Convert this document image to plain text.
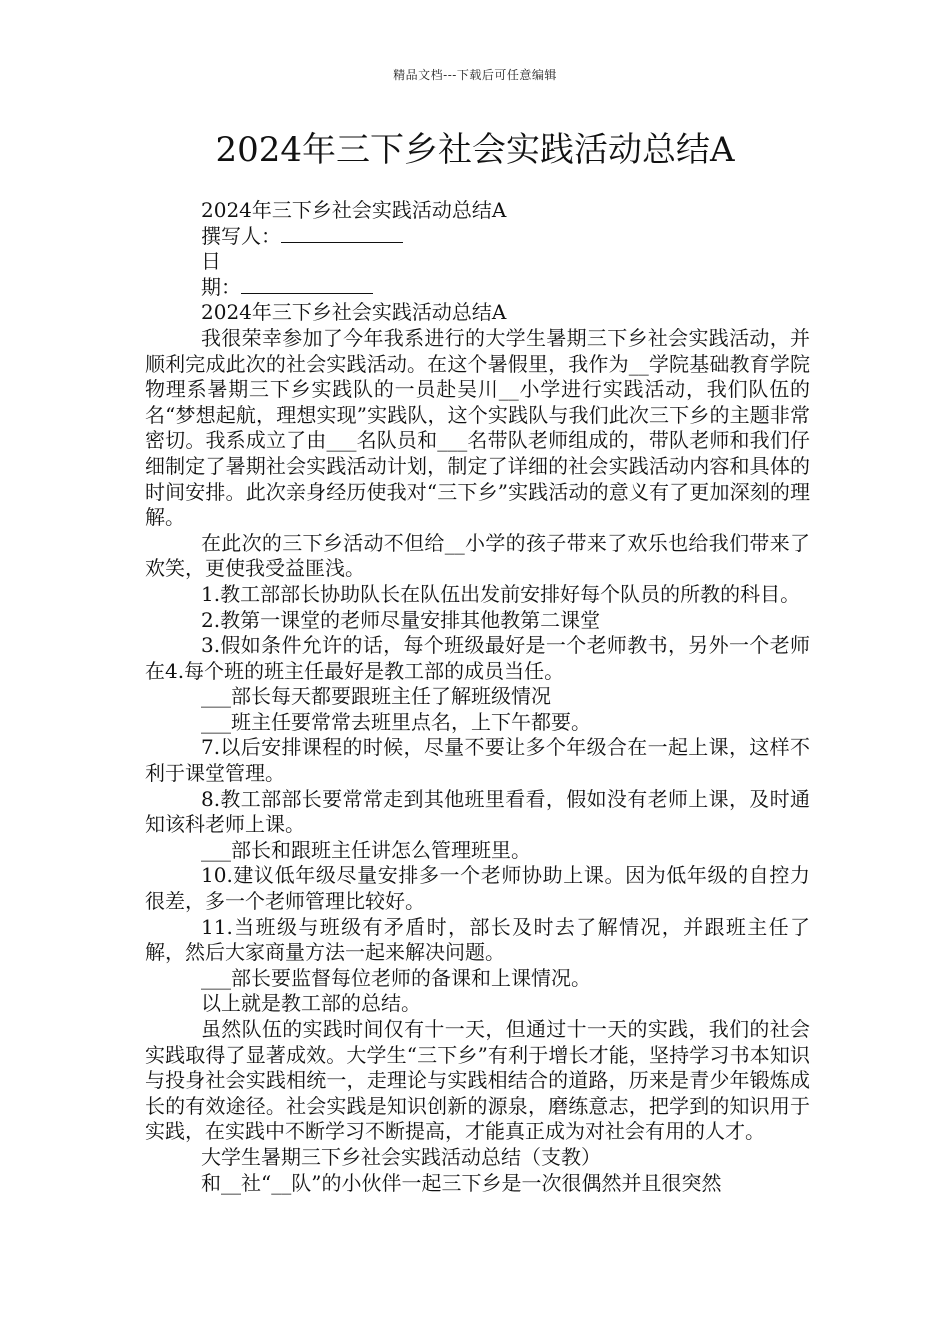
精品文档---下载后可任意编辑
2024年三下乡社会实践活动总结A
2024年三下乡社会实践活动总结A
撰写人：
日
期：
2024年三下乡社会实践活动总结A

我很荣幸参加了今年我系进行的大学生暑期三下乡社会实践活动，并顺利完成此次的社会实践活动。在这个暑假里，我作为__学院基础教育学院物理系暑期三下乡实践队的一员赴吴川__小学进行实践活动，我们队伍的名“梦想起航，理想实现”实践队，这个实践队与我们此次三下乡的主题非常密切。我系成立了由___名队员和___名带队老师组成的，带队老师和我们仔细制定了暑期社会实践活动计划，制定了详细的社会实践活动内容和具体的时间安排。此次亲身经历使我对“三下乡”实践活动的意义有了更加深刻的理解。

在此次的三下乡活动不但给__小学的孩子带来了欢乐也给我们带来了欢笑，更使我受益匪浅。

1.教工部部长协助队长在队伍出发前安排好每个队员的所教的科目。

2.教第一课堂的老师尽量安排其他教第二课堂

3.假如条件允许的话，每个班级最好是一个老师教书，另外一个老师在4.每个班的班主任最好是教工部的成员当任。

___部长每天都要跟班主任了解班级情况

___班主任要常常去班里点名，上下午都要。

7.以后安排课程的时候，尽量不要让多个年级合在一起上课，这样不利于课堂管理。

8.教工部部长要常常走到其他班里看看，假如没有老师上课，及时通知该科老师上课。

___部长和跟班主任讲怎么管理班里。

10.建议低年级尽量安排多一个老师协助上课。因为低年级的自控力很差，多一个老师管理比较好。

11.当班级与班级有矛盾时，部长及时去了解情况，并跟班主任了解，然后大家商量方法一起来解决问题。

___部长要监督每位老师的备课和上课情况。

以上就是教工部的总结。

虽然队伍的实践时间仅有十一天，但通过十一天的实践，我们的社会实践取得了显著成效。大学生“三下乡”有利于增长才能，坚持学习书本知识与投身社会实践相统一，走理论与实践相结合的道路，历来是青少年锻炼成长的有效途径。社会实践是知识创新的源泉，磨练意志，把学到的知识用于实践，在实践中不断学习不断提高，才能真正成为对社会有用的人才。

大学生暑期三下乡社会实践活动总结（支教）

和__社“__队”的小伙伴一起三下乡是一次很偶然并且很突然
